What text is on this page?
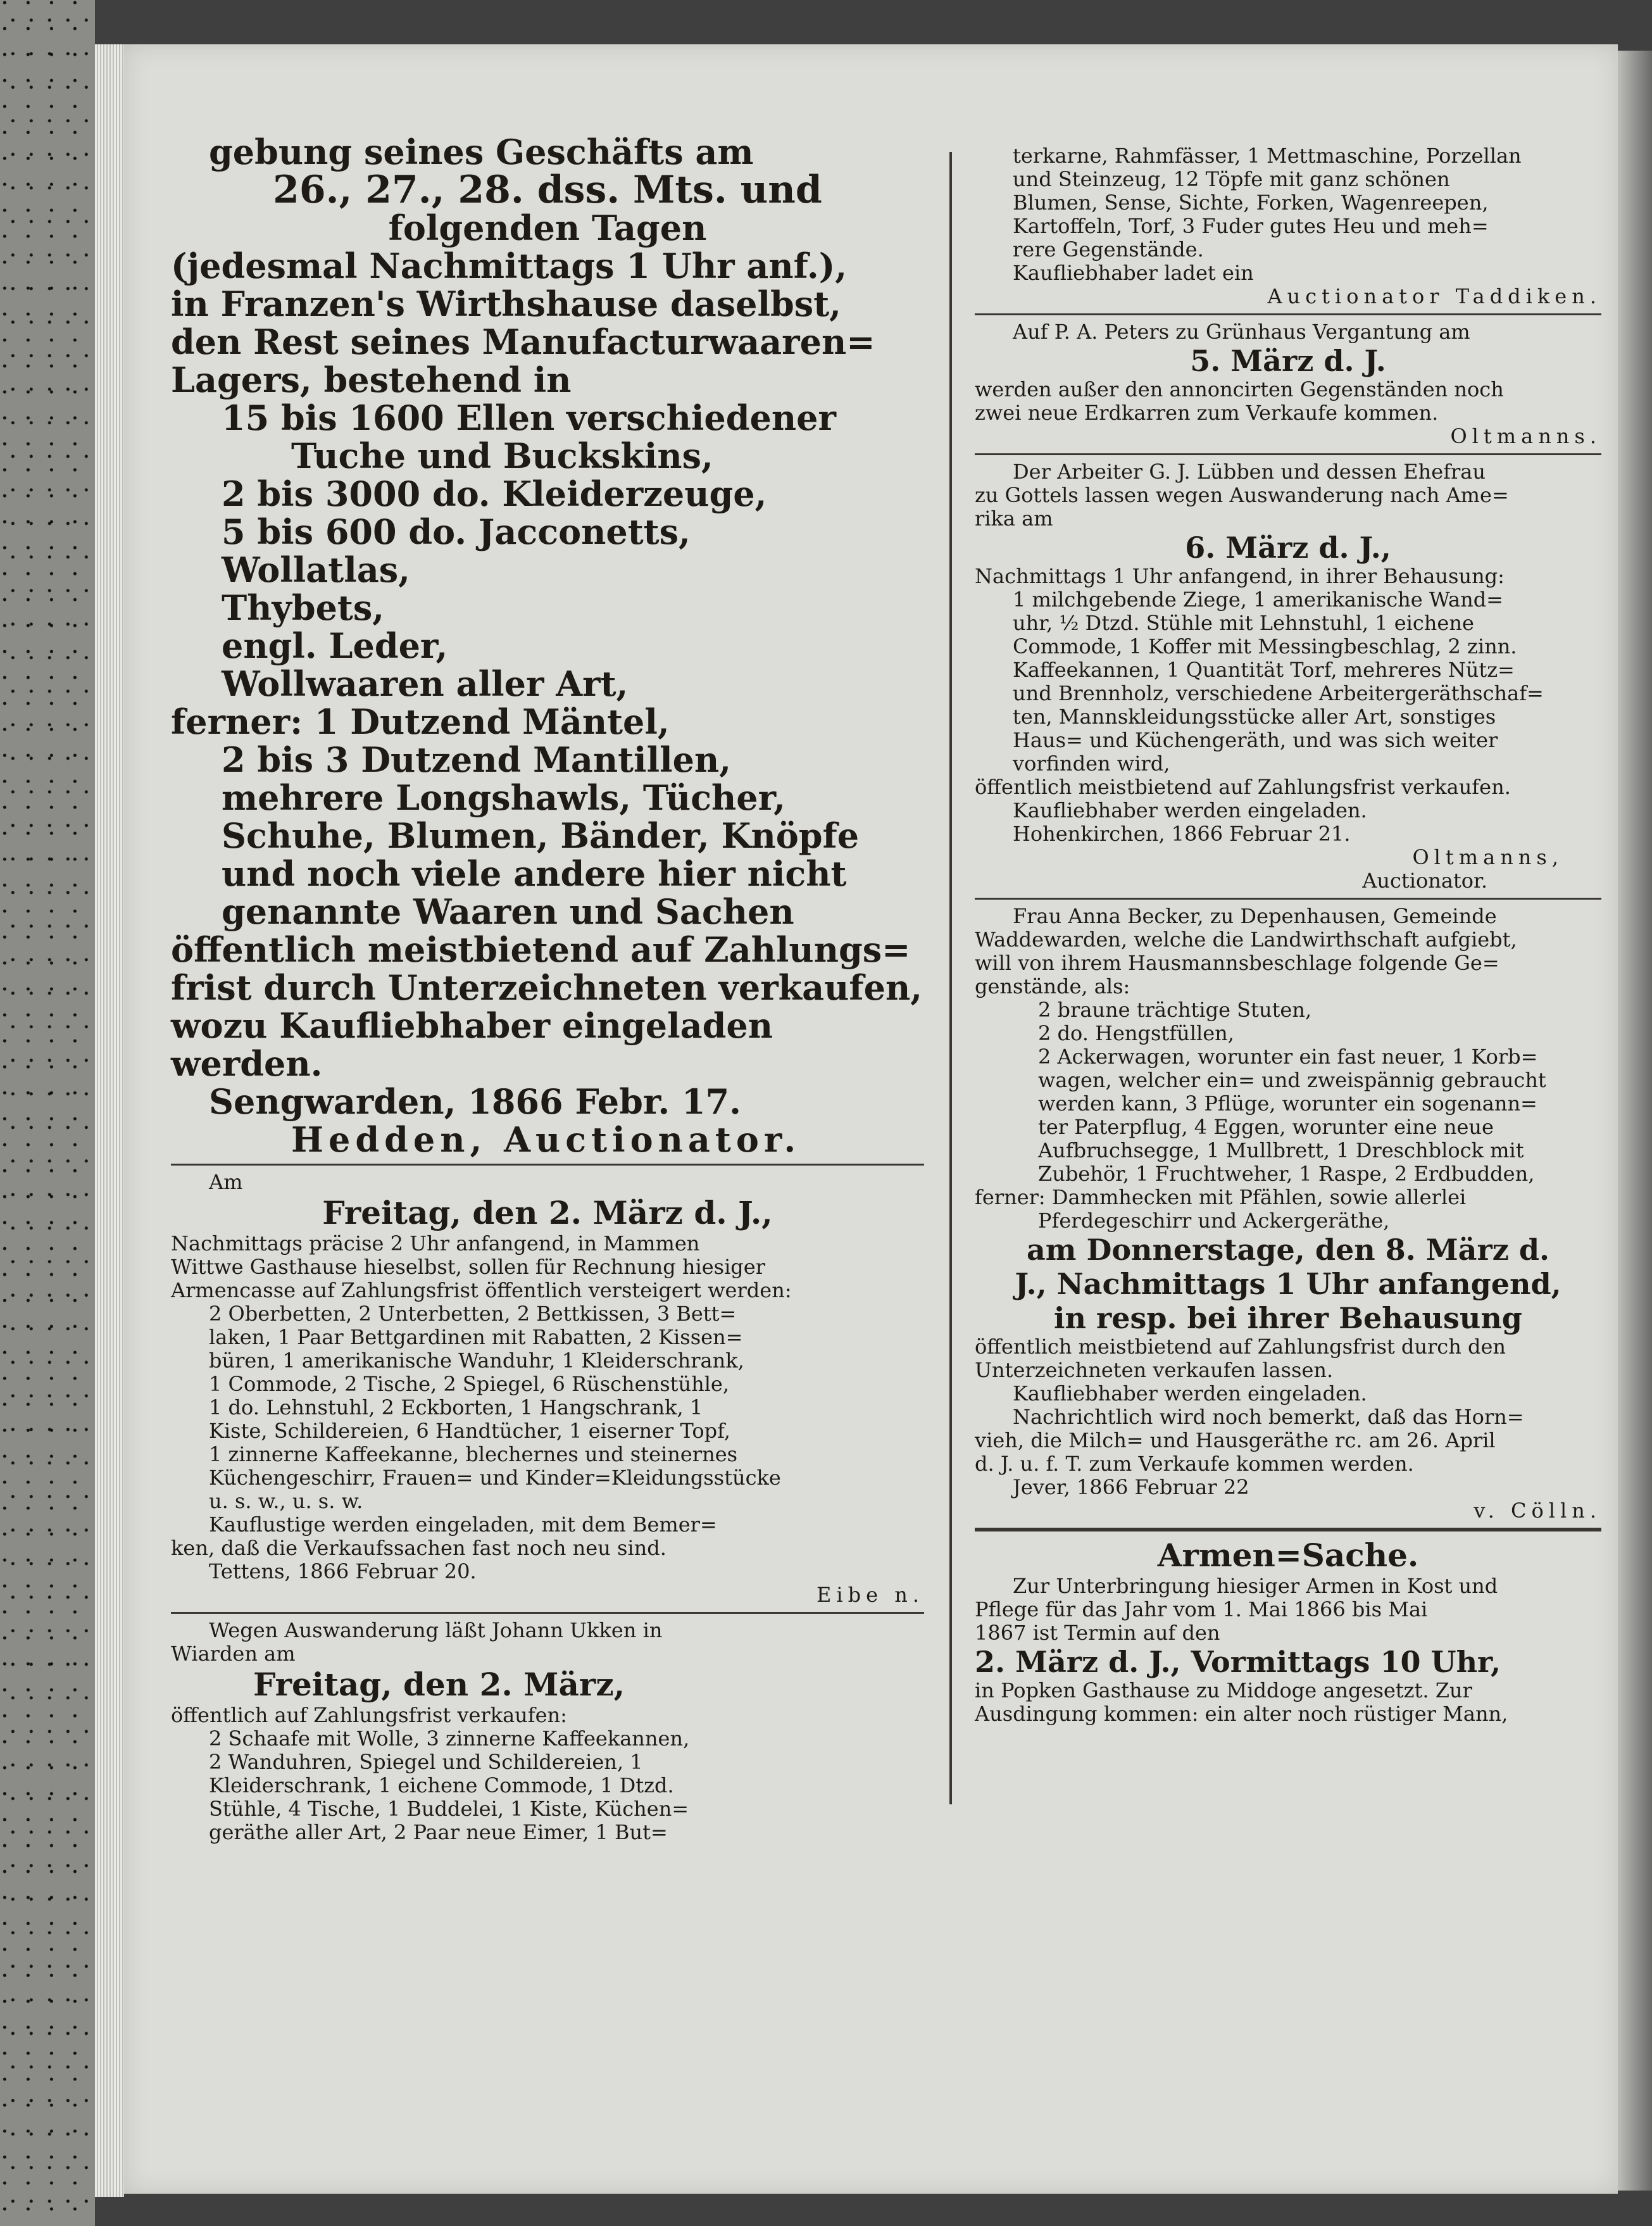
gebung seines Geschäfts am

26., 27., 28. dss. Mts. und

folgenden Tagen

(jedesmal Nachmittags 1 Uhr anf.),

in Franzen's Wirthshause daselbst,

den Rest seines Manufacturwaaren=

Lagers, bestehend in

15 bis 1600 Ellen verschiedener

Tuche und Buckskins,

2 bis 3000 do. Kleiderzeuge,

5 bis 600 do. Jacconetts,

Wollatlas,

Thybets,

engl. Leder,

Wollwaaren aller Art,

ferner: 1 Dutzend Mäntel,

2 bis 3 Dutzend Mantillen,

mehrere Longshawls, Tücher,

Schuhe, Blumen, Bänder, Knöpfe

und noch viele andere hier nicht

genannte Waaren und Sachen

öffentlich meistbietend auf Zahlungs=

frist durch Unterzeichneten verkaufen,

wozu Kaufliebhaber eingeladen

werden.

Sengwarden, 1866 Febr. 17.

Hedden, Auctionator.

Am

Freitag, den 2. März d. J.,

Nachmittags präcise 2 Uhr anfangend, in Mammen

Wittwe Gasthause hieselbst, sollen für Rechnung hiesiger

Armencasse auf Zahlungsfrist öffentlich versteigert werden:

2 Oberbetten, 2 Unterbetten, 2 Bettkissen, 3 Bett=

laken, 1 Paar Bettgardinen mit Rabatten, 2 Kissen=

büren, 1 amerikanische Wanduhr, 1 Kleiderschrank,

1 Commode, 2 Tische, 2 Spiegel, 6 Rüschenstühle,

1 do. Lehnstuhl, 2 Eckborten, 1 Hangschrank, 1

Kiste, Schildereien, 6 Handtücher, 1 eiserner Topf,

1 zinnerne Kaffeekanne, blechernes und steinernes

Küchengeschirr, Frauen= und Kinder=Kleidungsstücke

u. s. w., u. s. w.

Kauflustige werden eingeladen, mit dem Bemer=

ken, daß die Verkaufssachen fast noch neu sind.

Tettens, 1866 Februar 20.

Eibe n.

Wegen Auswanderung läßt Johann Ukken in

Wiarden am

Freitag, den 2. März,

öffentlich auf Zahlungsfrist verkaufen:

2 Schaafe mit Wolle, 3 zinnerne Kaffeekannen,

2 Wanduhren, Spiegel und Schildereien, 1

Kleiderschrank, 1 eichene Commode, 1 Dtzd.

Stühle, 4 Tische, 1 Buddelei, 1 Kiste, Küchen=

geräthe aller Art, 2 Paar neue Eimer, 1 But=

terkarne, Rahmfässer, 1 Mettmaschine, Porzellan

und Steinzeug, 12 Töpfe mit ganz schönen

Blumen, Sense, Sichte, Forken, Wagenreepen,

Kartoffeln, Torf, 3 Fuder gutes Heu und meh=

rere Gegenstände.

Kaufliebhaber ladet ein

Auctionator Taddiken.

Auf P. A. Peters zu Grünhaus Vergantung am

5. März d. J.

werden außer den annoncirten Gegenständen noch

zwei neue Erdkarren zum Verkaufe kommen.

Oltmanns.

Der Arbeiter G. J. Lübben und dessen Ehefrau

zu Gottels lassen wegen Auswanderung nach Ame=

rika am

6. März d. J.,

Nachmittags 1 Uhr anfangend, in ihrer Behausung:

1 milchgebende Ziege, 1 amerikanische Wand=

uhr, ½ Dtzd. Stühle mit Lehnstuhl, 1 eichene

Commode, 1 Koffer mit Messingbeschlag, 2 zinn.

Kaffeekannen, 1 Quantität Torf, mehreres Nütz=

und Brennholz, verschiedene Arbeitergeräthschaf=

ten, Mannskleidungsstücke aller Art, sonstiges

Haus= und Küchengeräth, und was sich weiter

vorfinden wird,

öffentlich meistbietend auf Zahlungsfrist verkaufen.

Kaufliebhaber werden eingeladen.

Hohenkirchen, 1866 Februar 21.

Oltmanns,

Auctionator.

Frau Anna Becker, zu Depenhausen, Gemeinde

Waddewarden, welche die Landwirthschaft aufgiebt,

will von ihrem Hausmannsbeschlage folgende Ge=

genstände, als:

2 braune trächtige Stuten,

2 do. Hengstfüllen,

2 Ackerwagen, worunter ein fast neuer, 1 Korb=

wagen, welcher ein= und zweispännig gebraucht

werden kann, 3 Pflüge, worunter ein sogenann=

ter Paterpflug, 4 Eggen, worunter eine neue

Aufbruchsegge, 1 Mullbrett, 1 Dreschblock mit

Zubehör, 1 Fruchtweher, 1 Raspe, 2 Erdbudden,

ferner: Dammhecken mit Pfählen, sowie allerlei

Pferdegeschirr und Ackergeräthe,

am Donnerstage, den 8. März d.

J., Nachmittags 1 Uhr anfangend,

in resp. bei ihrer Behausung

öffentlich meistbietend auf Zahlungsfrist durch den

Unterzeichneten verkaufen lassen.

Kaufliebhaber werden eingeladen.

Nachrichtlich wird noch bemerkt, daß das Horn=

vieh, die Milch= und Hausgeräthe rc. am 26. April

d. J. u. f. T. zum Verkaufe kommen werden.

Jever, 1866 Februar 22

v. Cölln.

Armen=Sache.

Zur Unterbringung hiesiger Armen in Kost und

Pflege für das Jahr vom 1. Mai 1866 bis Mai

1867 ist Termin auf den

2. März d. J., Vormittags 10 Uhr,

in Popken Gasthause zu Middoge angesetzt. Zur

Ausdingung kommen: ein alter noch rüstiger Mann,
